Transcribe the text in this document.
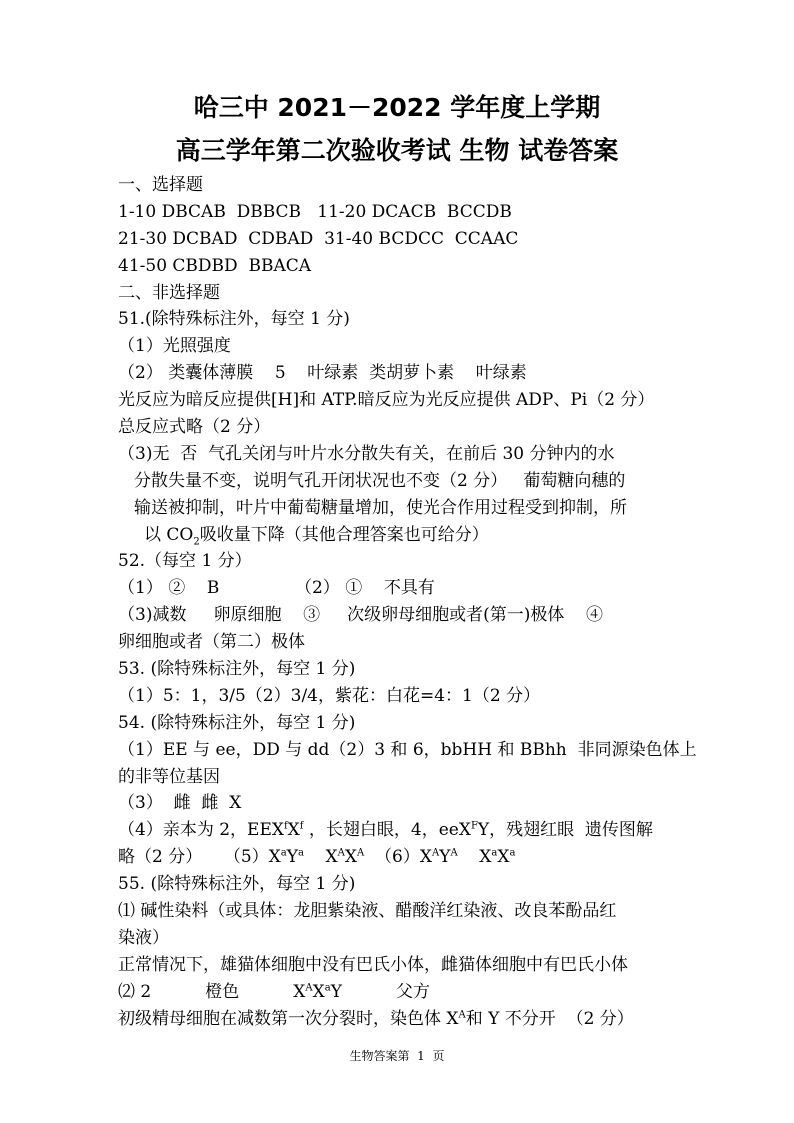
哈三中 2021－2022 学年度上学期
高三学年第二次验收考试 生物 试卷答案
一、选择题
1-10 DBCAB  DBBCB   11-20 DCACB  BCCDB
21-30 DCBAD  CDBAD  31-40 BCDCC  CCAAC
41-50 CBDBD  BBACA
二、非选择题
51.(除特殊标注外，每空 1 分)
（1）光照强度
（2） 类囊体薄膜    5    叶绿素  类胡萝卜素    叶绿素
光反应为暗反应提供[H]和 ATP.暗反应为光反应提供 ADP、Pi（2 分）
总反应式略（2 分）
（3)无  否  气孔关闭与叶片水分散失有关，在前后 30 分钟内的水
分散失量不变，说明气孔开闭状况也不变（2 分）   葡萄糖向穗的
输送被抑制，叶片中葡萄糖量增加，使光合作用过程受到抑制，所
以 $CO_2$吸收量下降（其他合理答案也可给分）
52.（每空 1 分）
（1） ②    B              （2） ①    不具有
（3)减数     卵原细胞    ③     次级卵母细胞或者(第一)极体    ④
卵细胞或者（第二）极体
53. (除特殊标注外，每空 1 分)
（1）5：1，3/5（2）3/4，紫花：白花=4：1（2 分）
54. (除特殊标注外，每空 1 分)
（1）EE 与 ee，DD 与 dd（2）3 和 6，bbHH 和 BBhh  非同源染色体上
的非等位基因
（3）  雌  雌  X
（4）亲本为 2，$EEX^fX^f$ ，长翅白眼，4，eeX$^F$Y，残翅红眼  遗传图解
略（2 分）    $(5)X^aY^a$    $X^AX^A$  $(6)X^AY^A$    $X^aX^a$
55. (除特殊标注外，每空 1 分)
⑴ 碱性染料（或具体：龙胆紫染液、醋酸洋红染液、改良苯酚品红
染液）
正常情况下，雄猫体细胞中没有巴氏小体，雌猫体细胞中有巴氏小体
⑵ 2          橙色          $X^AX^aY$          父方
初级精母细胞在减数第一次分裂时，染色体 $X^A$和 Y 不分开  （2 分）
生物答案第  1  页
